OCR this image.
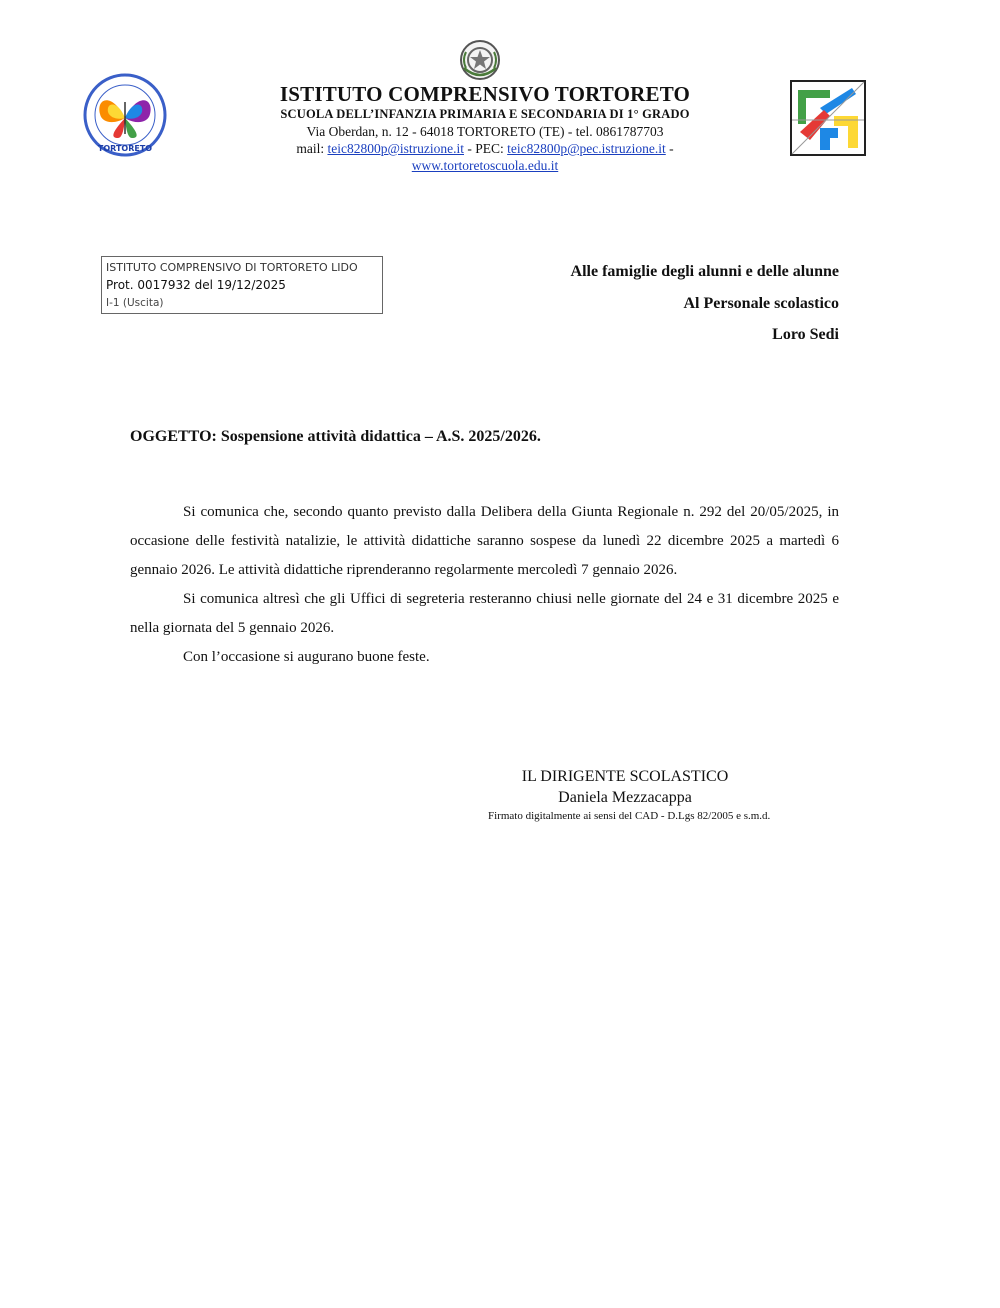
TORTORETO
ISTITUTO COMPRENSIVO TORTORETO
SCUOLA DELL’INFANZIA PRIMARIA E SECONDARIA DI 1° GRADO
Via Oberdan, n. 12 - 64018 TORTORETO (TE) - tel. 0861787703
mail: teic82800p@istruzione.it - PEC: teic82800p@pec.istruzione.it -
www.tortoretoscuola.edu.it
ISTITUTO COMPRENSIVO DI TORTORETO LIDO
Prot. 0017932 del 19/12/2025
I-1 (Uscita)
Alle famiglie degli alunni e delle alunne
Al Personale scolastico
Loro Sedi
OGGETTO: Sospensione attività didattica – A.S. 2025/2026.

Si comunica che, secondo quanto previsto dalla Delibera della Giunta Regionale n. 292 del 20/05/2025, in occasione delle festività natalizie, le attività didattiche saranno sospese da lunedì 22 dicembre 2025 a martedì 6 gennaio 2026. Le attività didattiche riprenderanno regolarmente mercoledì 7 gennaio 2026.

Si comunica altresì che gli Uffici di segreteria resteranno chiusi nelle giornate del 24 e 31 dicembre 2025 e nella giornata del 5 gennaio 2026.

Con l’occasione si augurano buone feste.

IL DIRIGENTE SCOLASTICO
Daniela Mezzacappa
Firmato digitalmente ai sensi del CAD - D.Lgs 82/2005 e s.m.d.
